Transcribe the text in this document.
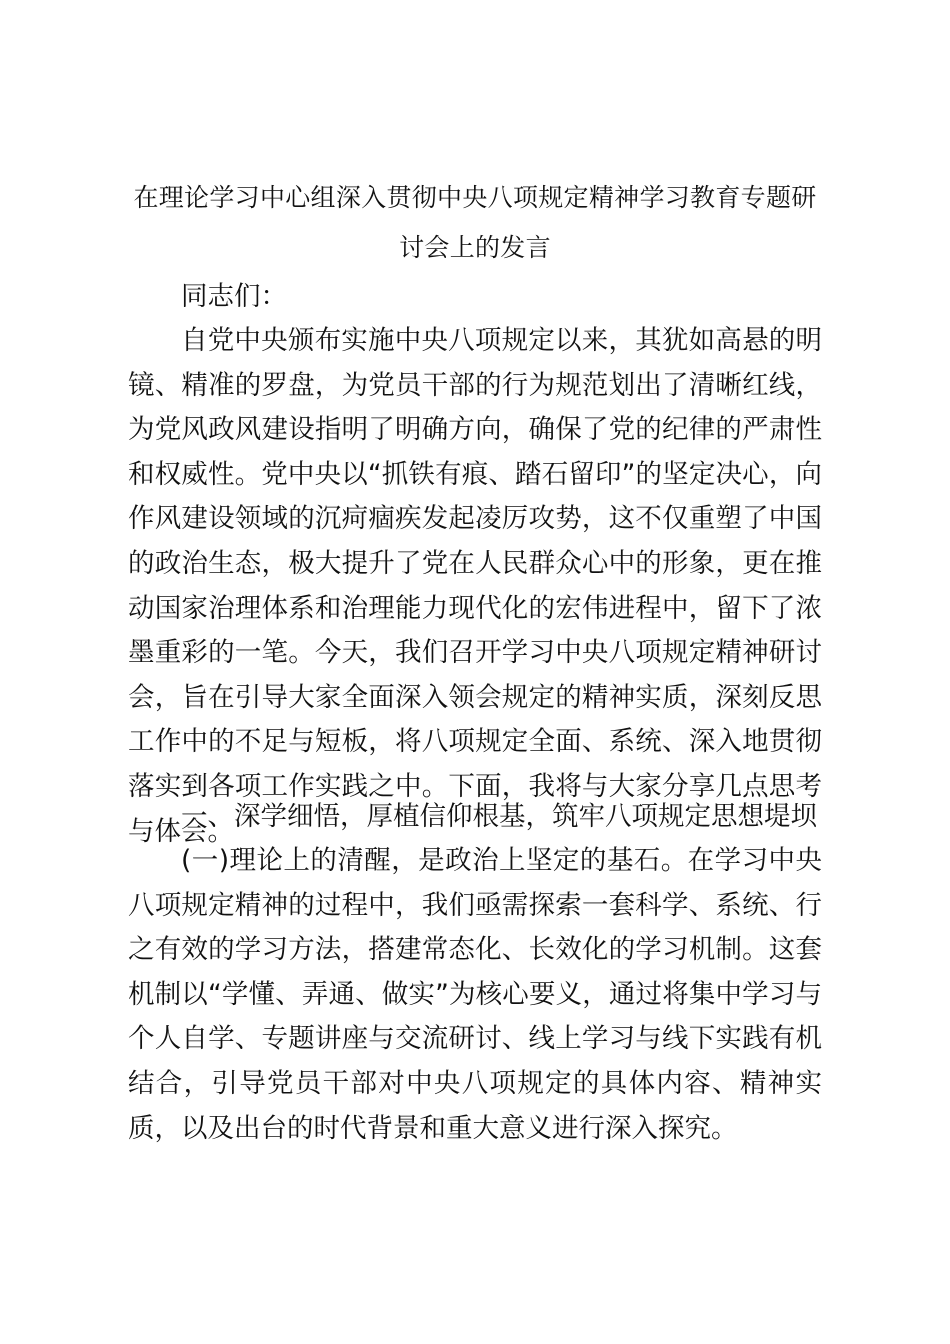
在理论学习中心组深入贯彻中央八项规定精神学习教育专题研
讨会上的发言

同志们：

自党中央颁布实施中央八项规定以来，其犹如高悬的明镜、精准的罗盘，为党员干部的行为规范划出了清晰红线，为党风政风建设指明了明确方向，确保了党的纪律的严肃性和权威性。党中央以“抓铁有痕、踏石留印”的坚定决心，向作风建设领域的沉疴痼疾发起凌厉攻势，这不仅重塑了中国的政治生态，极大提升了党在人民群众心中的形象，更在推动国家治理体系和治理能力现代化的宏伟进程中，留下了浓墨重彩的一笔。今天，我们召开学习中央八项规定精神研讨会，旨在引导大家全面深入领会规定的精神实质，深刻反思工作中的不足与短板，将八项规定全面、系统、深入地贯彻落实到各项工作实践之中。下面，我将与大家分享几点思考与体会。

一、深学细悟，厚植信仰根基，筑牢八项规定思想堤坝

(一)理论上的清醒，是政治上坚定的基石。在学习中央八项规定精神的过程中，我们亟需探索一套科学、系统、行之有效的学习方法，搭建常态化、长效化的学习机制。这套机制以“学懂、弄通、做实”为核心要义，通过将集中学习与个人自学、专题讲座与交流研讨、线上学习与线下实践有机结合，引导党员干部对中央八项规定的具体内容、精神实质，以及出台的时代背景和重大意义进行深入探究。
